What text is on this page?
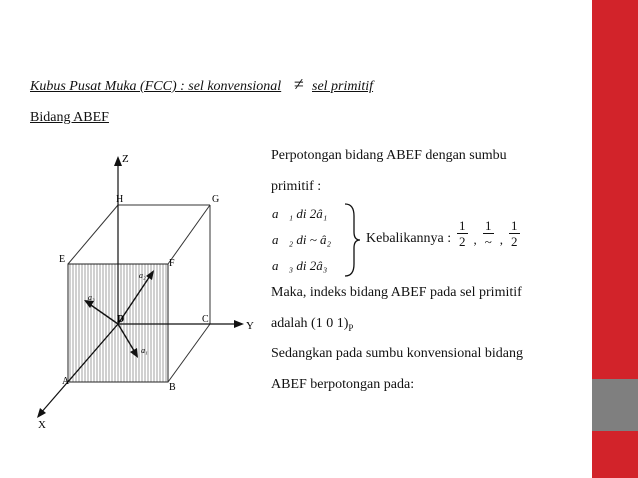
Kubus Pusat Muka (FCC) : sel konvensional ≠ sel primitif
Bidang ABEF
Z
Y
X
H	G
E	F
D	C
A
B
a₂
a₃
a₁
Perpotongan bidang ABEF dengan sumbu
primitif :
a⃗₁ di 2â₁
a⃗₂ di ~ â₂
a⃗₃ di 2â₃
Kebalikannya :
1
2 ,
1
~ ,
1
2
Maka, indeks bidang ABEF pada sel primitif
adalah (1 0 $1)_P$
Sedangkan pada sumbu konvensional bidang
ABEF berpotongan pada:
